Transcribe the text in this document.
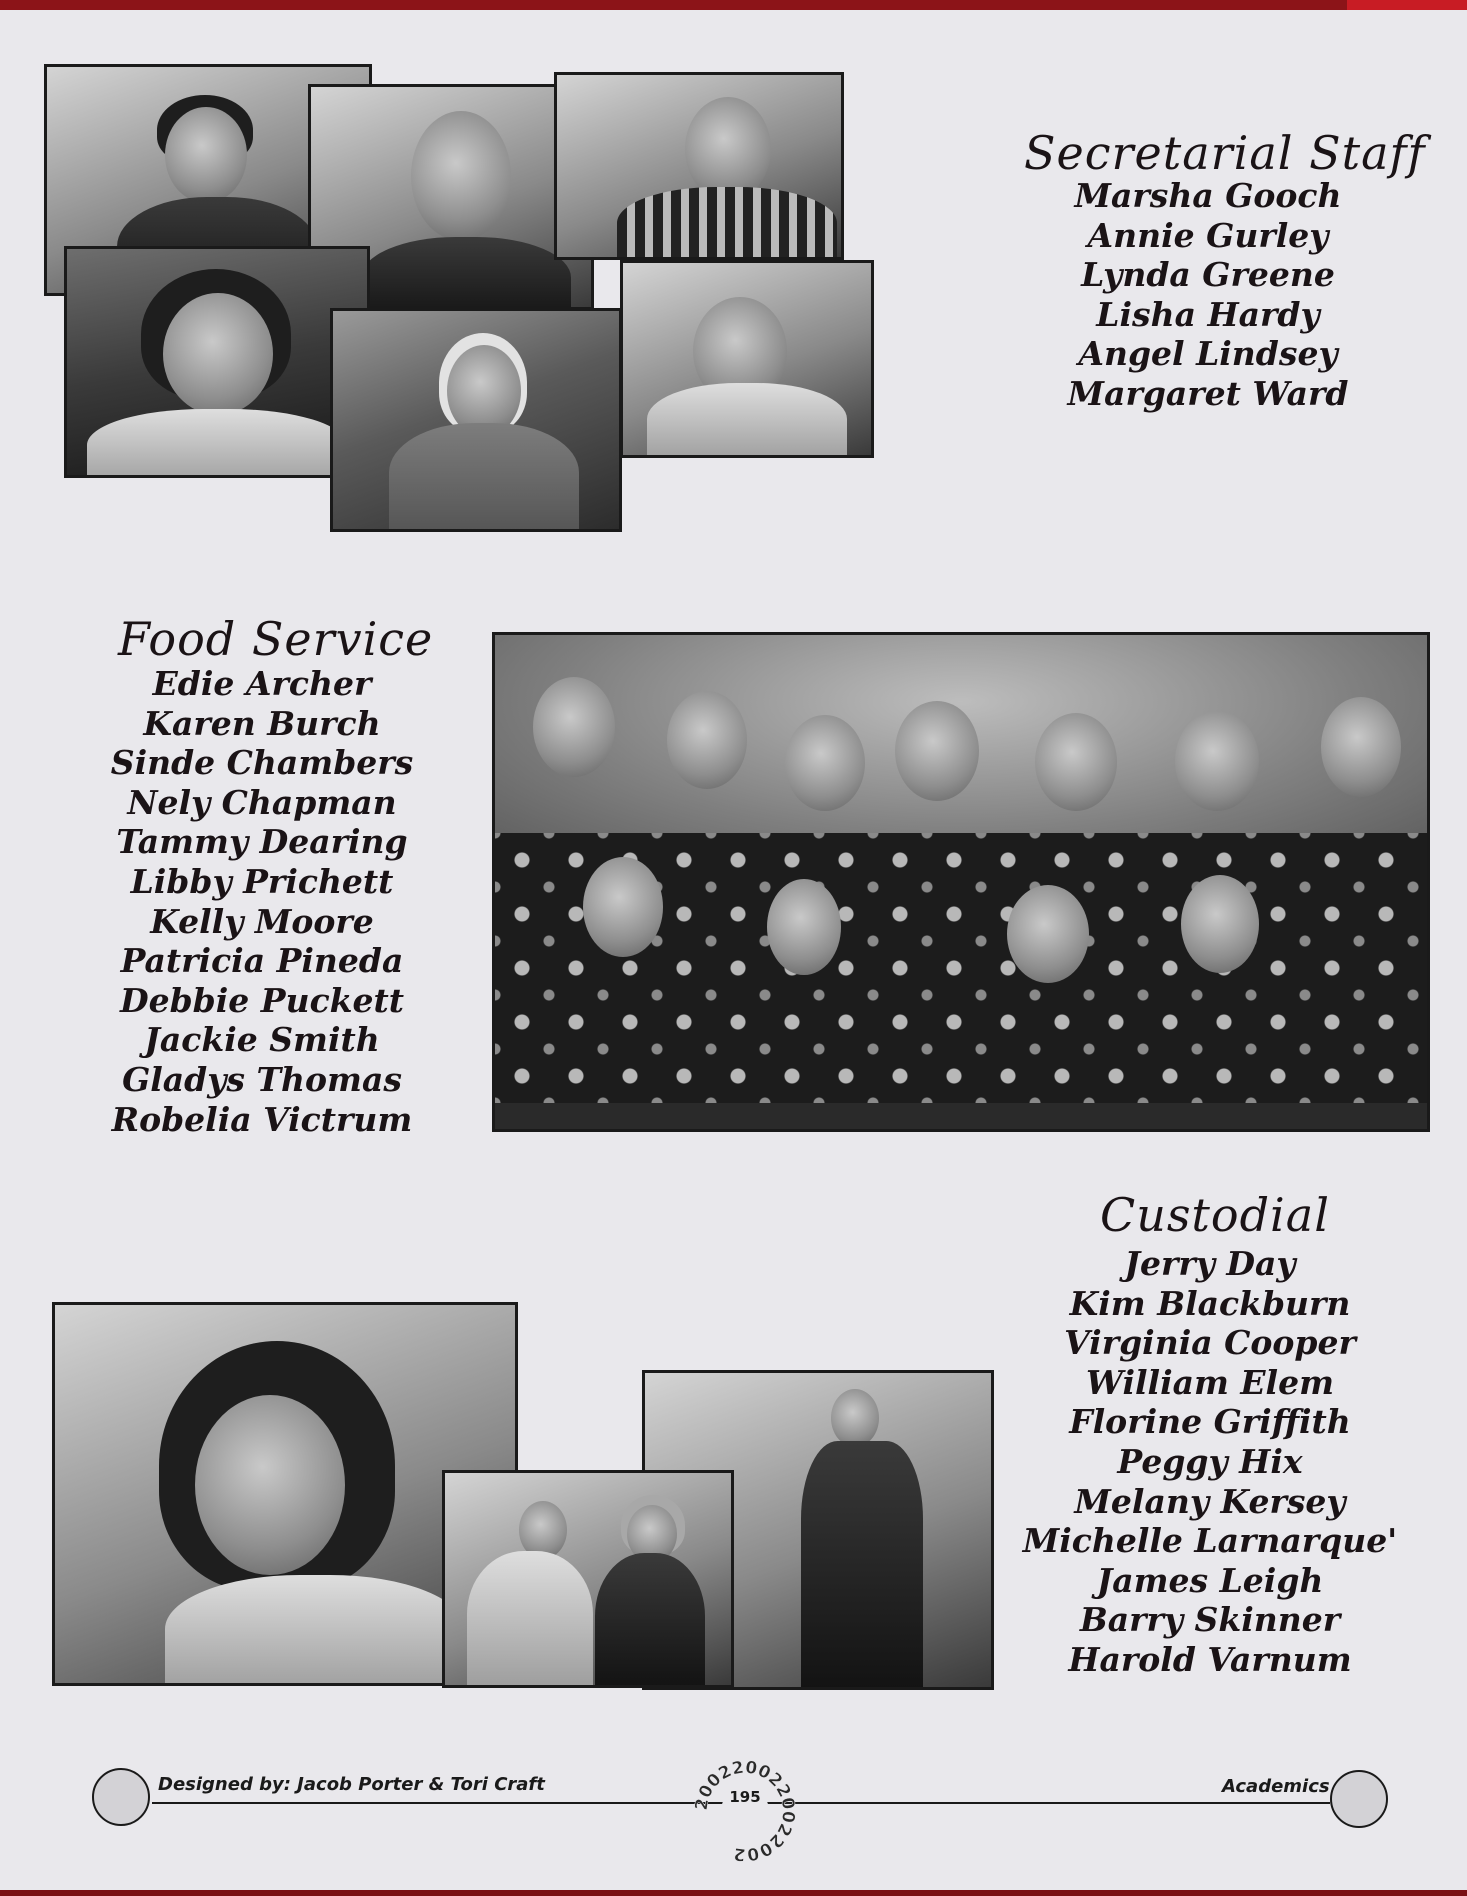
Secretarial Staff
Marsha Gooch
Annie Gurley
Lynda Greene
Lisha Hardy
Angel Lindsey
Margaret Ward
Food Service
Edie Archer
Karen Burch
Sinde Chambers
Nely Chapman
Tammy Dearing
Libby Prichett
Kelly Moore
Patricia Pineda
Debbie Puckett
Jackie Smith
Gladys Thomas
Robelia Victrum
Custodial
Jerry Day
Kim Blackburn
Virginia Cooper
William Elem
Florine Griffith
Peggy Hix
Melany Kersey
Michelle Larnarque'
James Leigh
Barry Skinner
Harold Varnum
Designed by: Jacob Porter & Tori Craft	Academics
2002200220022002
195
